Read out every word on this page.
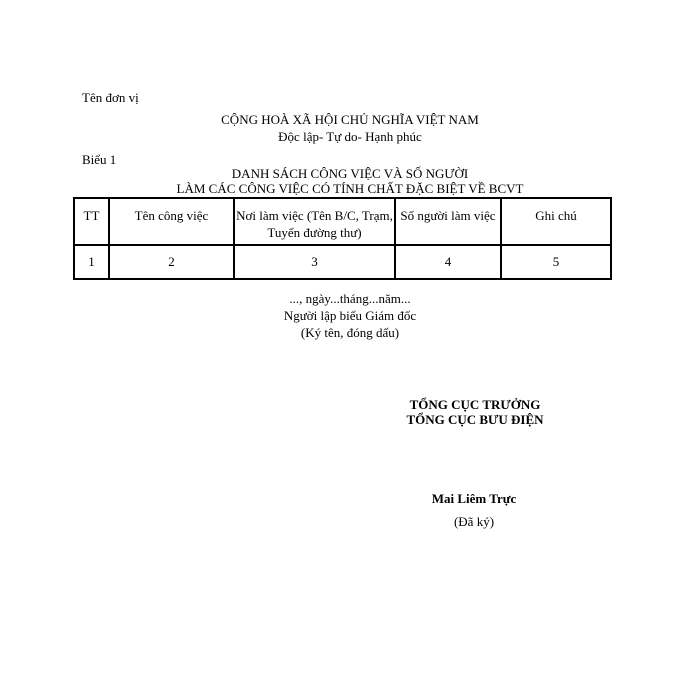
Tên đơn vị
CỘNG HOÀ XÃ HỘI CHỦ NGHĨA VIỆT NAM
Độc lập- Tự do- Hạnh phúc
Biểu 1
DANH SÁCH CÔNG VIỆC VÀ SỐ NGƯỜI
LÀM CÁC CÔNG VIỆC CÓ TÍNH CHẤT ĐẶC BIỆT VỀ BCVT
TT	Tên công việc	Nơi làm việc (Tên B/C, Trạm, Tuyến đường thư)	Số người làm việc	Ghi chú
1	2	3	4	5
..., ngày...tháng...năm...
Người lập biểu Giám đốc
(Ký tên, đóng dấu)
TỔNG CỤC TRƯỞNG
TỔNG CỤC BƯU ĐIỆN
Mai Liêm Trực
(Đã ký)
